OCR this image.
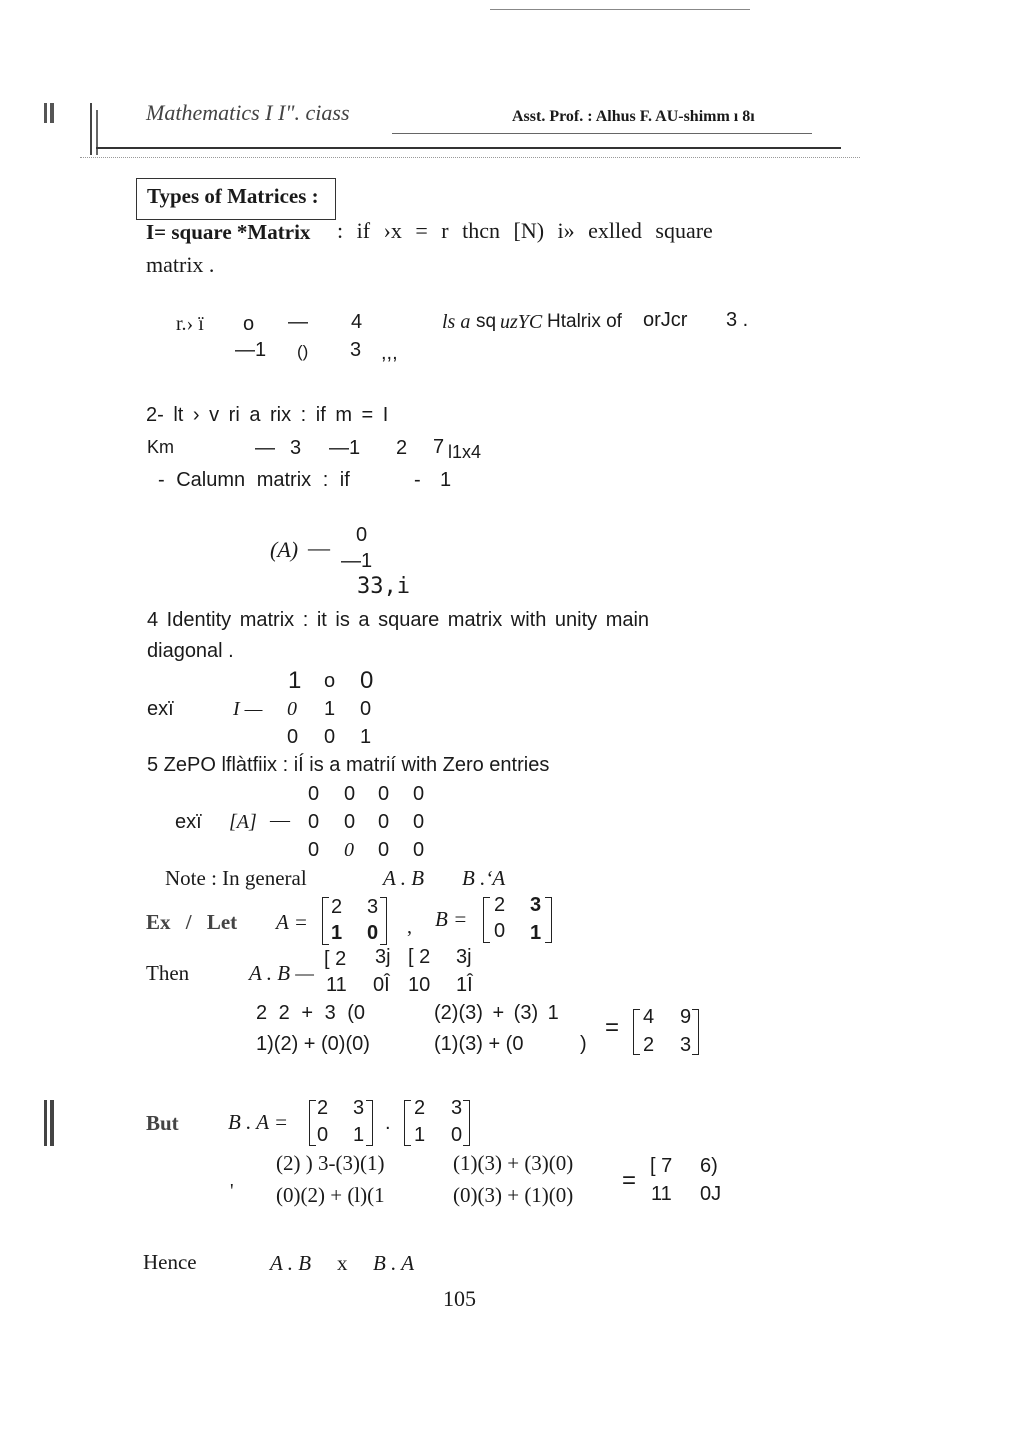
Mathematics I I". ciass	Asst. Prof. : Alhus F. AU-shimm ı 8ı
Types of Matrices :
I= square *Matrix : if ›x = r thcn [N) i» exlled square
matrix .
r.› ï o — 4
—1 () 3 ,,,
ls a sq uzYC Htalrix of orJcr 3 .
2- lt › v ri a rix : if m = I
Km	— 3 —1 2 7 l1x4
- Calumn matrix : if	- 1
(A) — 0
—1
33,i
4 Identity matrix : it is a square matrix with unity main
diagonal .
exï	I —
1 o 0
0 1 0
0 0 1
5 ZePO lflàtfiix : iÍ is a matrií with Zero entries
exï [A] —
0 0 0 0
0 0 0 0
0 0 0 0
Note : In general	A . B B .‘A
Ex / Let A =
2 3
1 0 , B =
2 3
0 1
Then	A . B —
[ 2 3j
11 0Î
[ 2 3j
10 1Î
2 2 + 3 (0	(2)(3) + (3) 1
1)(2) + (0)(0)	(1)(3) + (0	)
= 4 9
2 3
But B . A =
2 3
0 1
.
2 3
1 0
'
(2) ) 3-(3)(1)	(1)(3) + (3)(0)
(0)(2) + (l)(1	(0)(3) + (1)(0)
=
[ 7 6)
11 0J
Hence	A . B x B . A
105
